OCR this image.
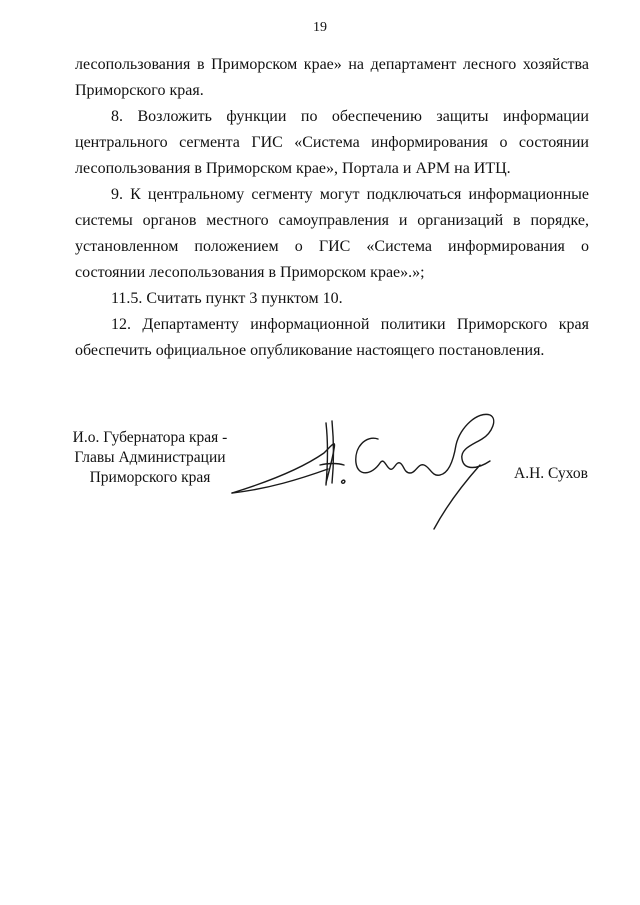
19

лесопользования в Приморском крае» на департамент лесного хозяйства Приморского края.

8. Возложить функции по обеспечению защиты информации центрального сегмента ГИС «Система информирования о состоянии лесопользования в Приморском крае», Портала и АРМ на ИТЦ.

9. К центральному сегменту могут подключаться информационные системы органов местного самоуправления и организаций в порядке, установленном положением о ГИС «Система информирования о состоянии лесопользования в Приморском крае».»;

11.5. Считать пункт 3 пунктом 10.

12. Департаменту информационной политики Приморского края обеспечить официальное опубликование настоящего постановления.

И.о. Губернатора края -
Главы Администрации
Приморского края	А.Н. Сухов
